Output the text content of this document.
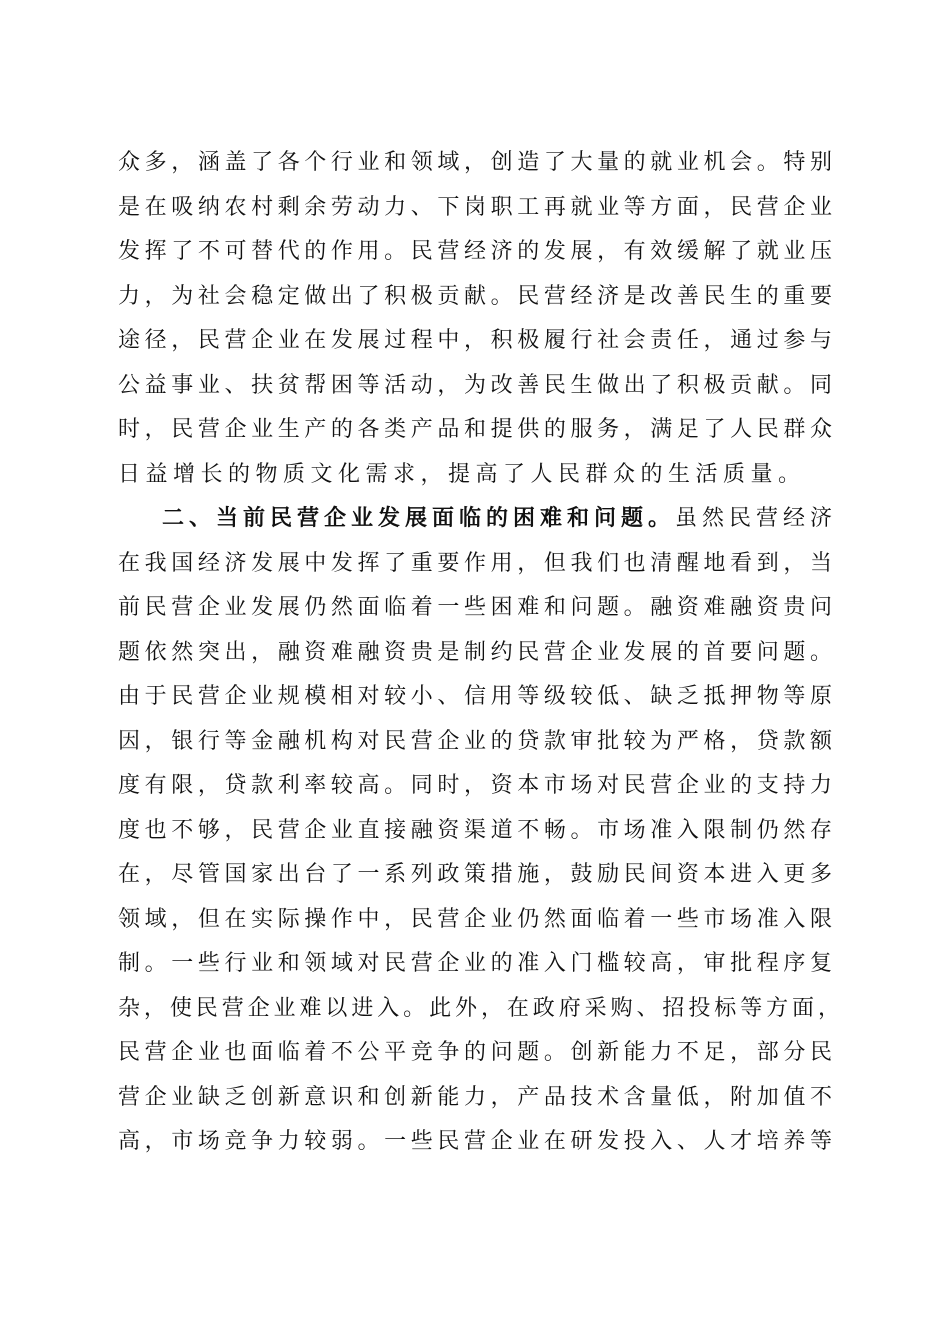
众多，涵盖了各个行业和领域，创造了大量的就业机会。特别
是在吸纳农村剩余劳动力、下岗职工再就业等方面，民营企业
发挥了不可替代的作用。民营经济的发展，有效缓解了就业压
力，为社会稳定做出了积极贡献。民营经济是改善民生的重要
途径，民营企业在发展过程中，积极履行社会责任，通过参与
公益事业、扶贫帮困等活动，为改善民生做出了积极贡献。同
时，民营企业生产的各类产品和提供的服务，满足了人民群众
日益增长的物质文化需求，提高了人民群众的生活质量。
二、当前民营企业发展面临的困难和问题。虽然民营经济
在我国经济发展中发挥了重要作用，但我们也清醒地看到，当
前民营企业发展仍然面临着一些困难和问题。融资难融资贵问
题依然突出，融资难融资贵是制约民营企业发展的首要问题。
由于民营企业规模相对较小、信用等级较低、缺乏抵押物等原
因，银行等金融机构对民营企业的贷款审批较为严格，贷款额
度有限，贷款利率较高。同时，资本市场对民营企业的支持力
度也不够，民营企业直接融资渠道不畅。市场准入限制仍然存
在，尽管国家出台了一系列政策措施，鼓励民间资本进入更多
领域，但在实际操作中，民营企业仍然面临着一些市场准入限
制。一些行业和领域对民营企业的准入门槛较高，审批程序复
杂，使民营企业难以进入。此外，在政府采购、招投标等方面，
民营企业也面临着不公平竞争的问题。创新能力不足，部分民
营企业缺乏创新意识和创新能力，产品技术含量低，附加值不
高，市场竞争力较弱。一些民营企业在研发投入、人才培养等
